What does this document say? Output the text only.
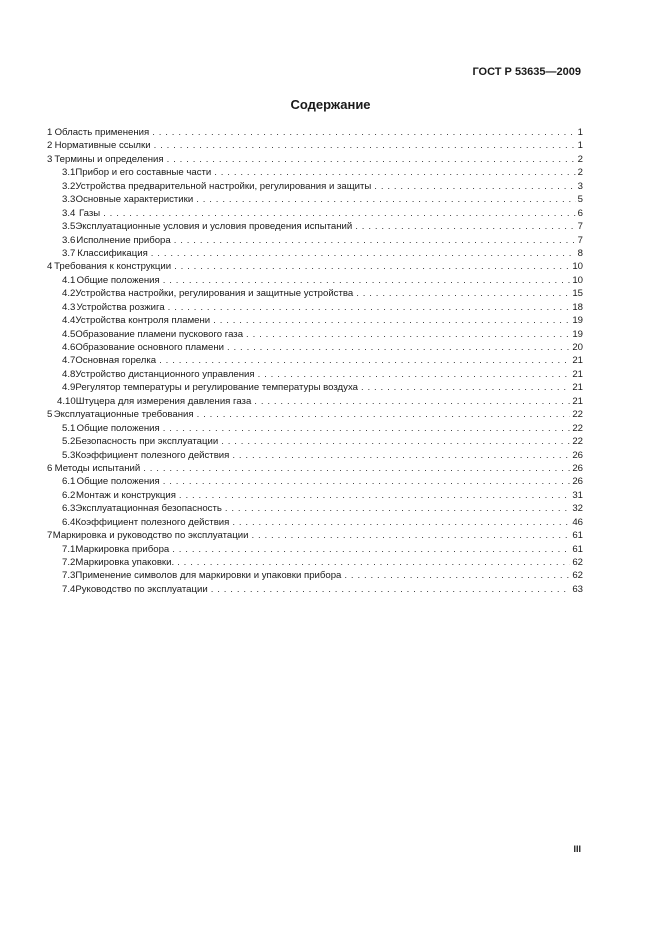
ГОСТ Р 53635—2009
Содержание
1 Область применения . . .	1
2 Нормативные ссылки . . .	1
3 Термины и определения . . .	2
3.1 Прибор и его составные части . . .	2
3.2 Устройства предварительной настройки, регулирования и защиты . . .	3
3.3 Основные характеристики . . .	5
3.4 Газы . . .	6
3.5 Эксплуатационные условия и условия проведения испытаний . . .	7
3.6 Исполнение прибора . . .	7
3.7 Классификация . . .	8
4 Требования к конструкции . . .	10
4.1 Общие положения . . .	10
4.2 Устройства настройки, регулирования и защитные устройства . . .	15
4.3 Устройства розжига . . .	18
4.4 Устройства контроля пламени . . .	19
4.5 Образование пламени пускового газа . . .	19
4.6 Образование основного пламени . . .	20
4.7 Основная горелка . . .	21
4.8 Устройство дистанционного управления . . .	21
4.9 Регулятор температуры и регулирование температуры воздуха . . .	21
4.10 Штуцера для измерения давления газа . . .	21
5 Эксплуатационные требования . . .	22
5.1 Общие положения . . .	22
5.2 Безопасность при эксплуатации . . .	22
5.3 Коэффициент полезного действия . . .	26
6 Методы испытаний . . .	26
6.1 Общие положения . . .	26
6.2 Монтаж и конструкция . . .	31
6.3 Эксплуатационная безопасность . . .	32
6.4 Коэффициент полезного действия . . .	46
7 Маркировка и руководство по эксплуатации . . .	61
7.1 Маркировка прибора . . .	61
7.2 Маркировка упаковки. . . .	62
7.3 Применение символов для маркировки и упаковки прибора . . .	62
7.4 Руководство по эксплуатации . . .	63
III
